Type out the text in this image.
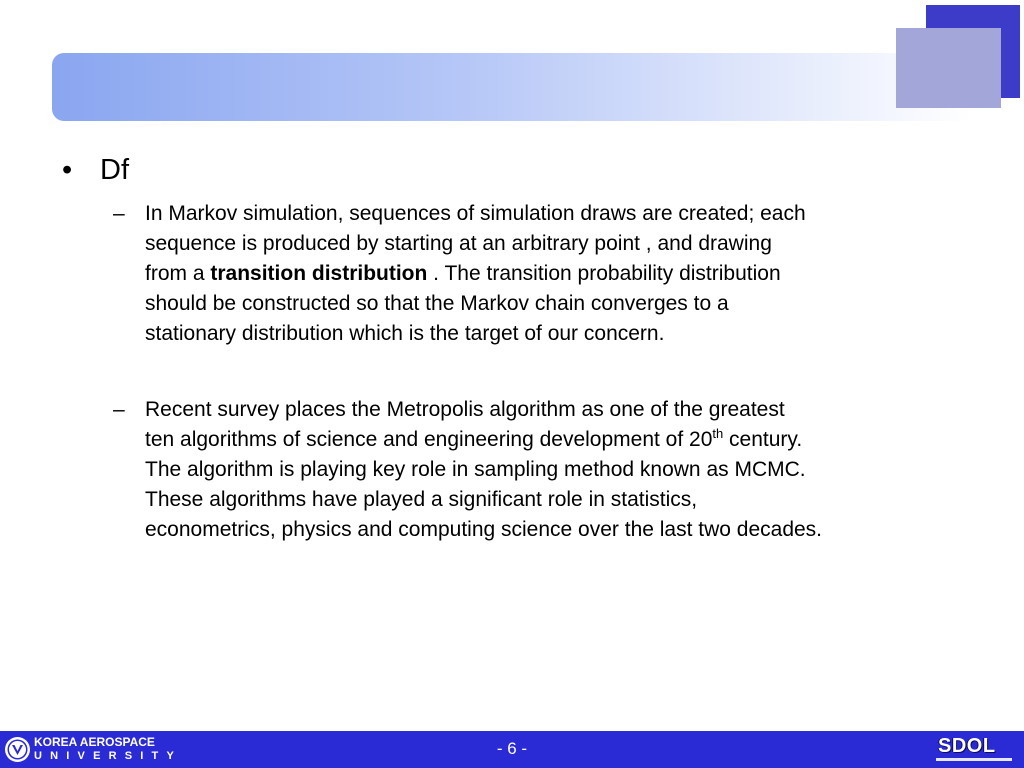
• Df
– In Markov simulation, sequences of simulation draws are created; each
sequence is produced by starting at an arbitrary point , and drawing
from a transition distribution . The transition probability distribution
should be constructed so that the Markov chain converges to a
stationary distribution which is the target of our concern.
– Recent survey places the Metropolis algorithm as one of the greatest
ten algorithms of science and engineering development of 20th century.
The algorithm is playing key role in sampling method known as MCMC.
These algorithms have played a significant role in statistics,
econometrics, physics and computing science over the last two decades.
KOREA AEROSPACE
UNIVERSITY	- 6 -	SDOL
